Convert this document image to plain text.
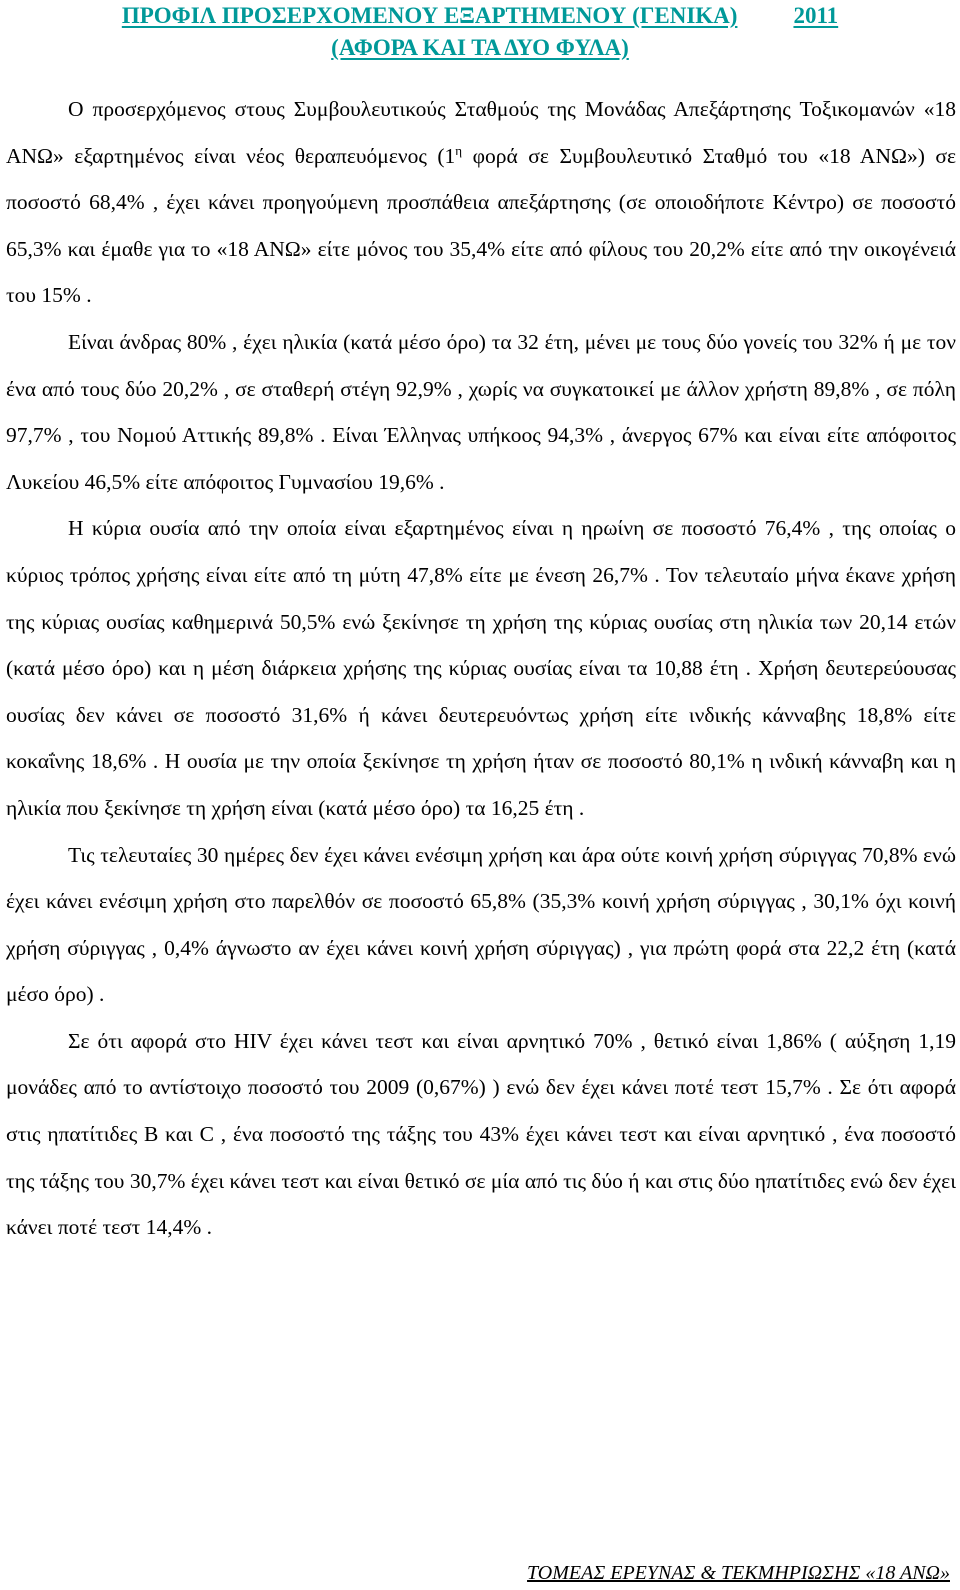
ΠΡΟΦΙΛ ΠΡΟΣΕΡΧΟΜΕΝΟΥ ΕΞΑΡΤΗΜΕΝΟΥ (ΓΕΝΙΚΑ) 2011
(ΑΦΟΡΑ ΚΑΙ ΤΑ ΔΥΟ ΦΥΛΑ)

Ο προσερχόμενος στους Συμβουλευτικούς Σταθμούς της Μονάδας Απεξάρτησης Τοξικομανών «18 ΑΝΩ» εξαρτημένος είναι νέος θεραπευόμενος ($1^\eta$ φορά σε Συμβουλευτικό Σταθμό του «18 ΑΝΩ») σε ποσοστό 68,4% , έχει κάνει προηγούμενη προσπάθεια απεξάρτησης (σε οποιοδήποτε Κέντρο) σε ποσοστό 65,3% και έμαθε για το «18 ΑΝΩ» είτε μόνος του 35,4% είτε από φίλους του 20,2% είτε από την οικογένειά του 15% .

Είναι άνδρας 80% , έχει ηλικία (κατά μέσο όρο) τα 32 έτη, μένει με τους δύο γονείς του 32% ή με τον ένα από τους δύο 20,2% , σε σταθερή στέγη 92,9% , χωρίς να συγκατοικεί με άλλον χρήστη 89,8% , σε πόλη 97,7% , του Νομού Αττικής 89,8% . Είναι Έλληνας υπήκοος 94,3% , άνεργος 67% και είναι είτε απόφοιτος Λυκείου 46,5% είτε απόφοιτος Γυμνασίου 19,6% .

Η κύρια ουσία από την οποία είναι εξαρτημένος είναι η ηρωίνη σε ποσοστό 76,4% , της οποίας ο κύριος τρόπος χρήσης είναι είτε από τη μύτη 47,8% είτε με ένεση 26,7% . Τον τελευταίο μήνα έκανε χρήση της κύριας ουσίας καθημερινά 50,5% ενώ ξεκίνησε τη χρήση της κύριας ουσίας στη ηλικία των 20,14 ετών (κατά μέσο όρο) και η μέση διάρκεια χρήσης της κύριας ουσίας είναι τα 10,88 έτη . Χρήση δευτερεύουσας ουσίας δεν κάνει σε ποσοστό 31,6% ή κάνει δευτερευόντως χρήση είτε ινδικής κάνναβης 18,8% είτε κοκαΐνης 18,6% . Η ουσία με την οποία ξεκίνησε τη χρήση ήταν σε ποσοστό 80,1% η ινδική κάνναβη και η ηλικία που ξεκίνησε τη χρήση είναι (κατά μέσο όρο) τα 16,25 έτη .

Τις τελευταίες 30 ημέρες δεν έχει κάνει ενέσιμη χρήση και άρα ούτε κοινή χρήση σύριγγας 70,8% ενώ έχει κάνει ενέσιμη χρήση στο παρελθόν σε ποσοστό 65,8% (35,3% κοινή χρήση σύριγγας , 30,1% όχι κοινή χρήση σύριγγας , 0,4% άγνωστο αν έχει κάνει κοινή χρήση σύριγγας) , για πρώτη φορά στα 22,2 έτη (κατά μέσο όρο) .

Σε ότι αφορά στο HIV έχει κάνει τεστ και είναι αρνητικό 70% , θετικό είναι 1,86% ( αύξηση 1,19 μονάδες από το αντίστοιχο ποσοστό του 2009 (0,67%) ) ενώ δεν έχει κάνει ποτέ τεστ 15,7% . Σε ότι αφορά στις ηπατίτιδες Β και C , ένα ποσοστό της τάξης του 43% έχει κάνει τεστ και είναι αρνητικό , ένα ποσοστό της τάξης του 30,7% έχει κάνει τεστ και είναι θετικό σε μία από τις δύο ή και στις δύο ηπατίτιδες ενώ δεν έχει κάνει ποτέ τεστ 14,4% .

ΤΟΜΕΑΣ ΕΡΕΥΝΑΣ & ΤΕΚΜΗΡΙΩΣΗΣ «18 ΑΝΩ»
